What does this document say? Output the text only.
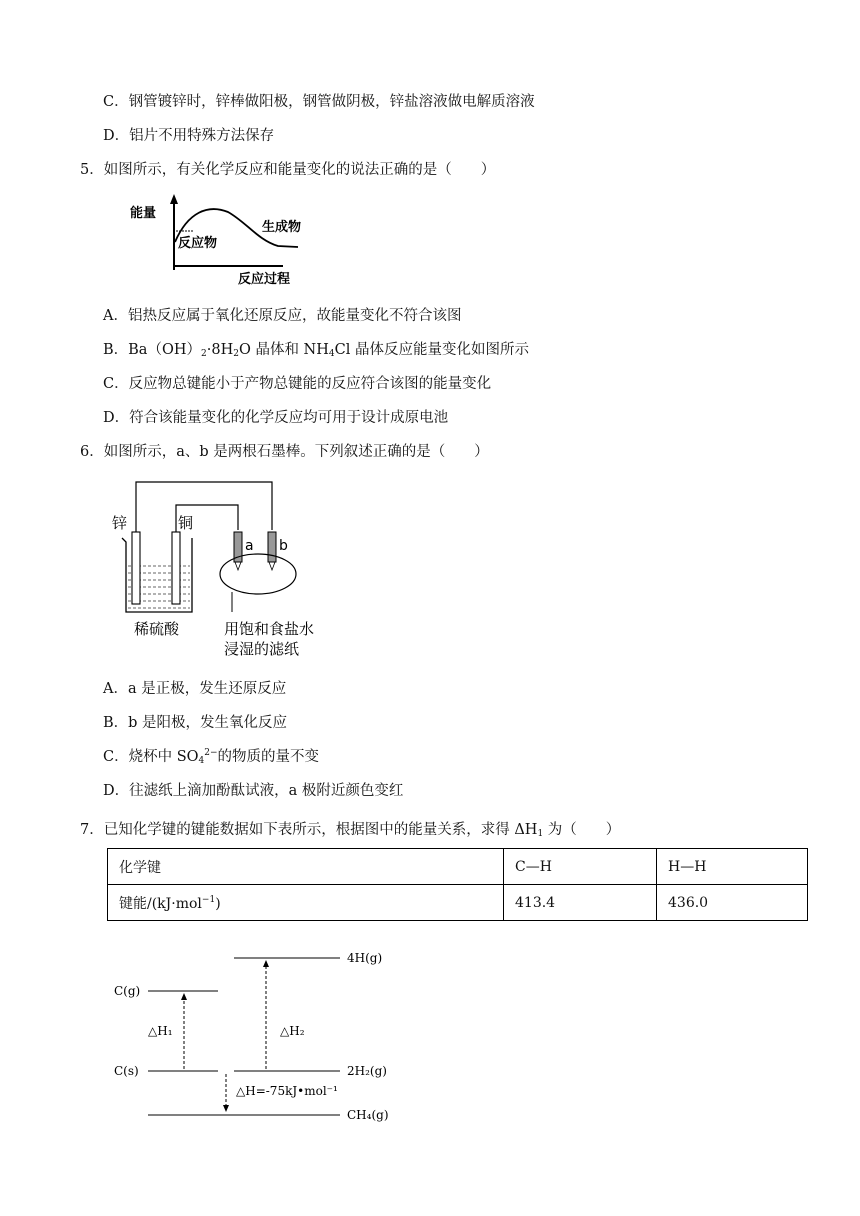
C．钢管镀锌时，锌棒做阳极，钢管做阴极，锌盐溶液做电解质溶液
D．铝片不用特殊方法保存
5．如图所示，有关化学反应和能量变化的说法正确的是（　　）
能量
反应物
生成物
反应过程
A．铝热反应属于氧化还原反应，故能量变化不符合该图
B．$Ba(OH)_2\cdot 8H_2O$ 晶体和 $NH_4Cl$ 晶体反应能量变化如图所示
C．反应物总键能小于产物总键能的反应符合该图的能量变化
D．符合该能量变化的化学反应均可用于设计成原电池
6．如图所示，a、b 是两根石墨棒。下列叙述正确的是（　　）
锌	铜
a b
稀硫酸	用饱和食盐水
浸湿的滤纸
A．a 是正极，发生还原反应
B．b 是阳极，发生氧化反应
C．烧杯中 $SO_4^{2-}$的物质的量不变
D．往滤纸上滴加酚酞试液，a 极附近颜色变红
7．已知化学键的键能数据如下表所示，根据图中的能量关系，求得 $\Delta H_1$ 为（　　）
化学键	C—H	H—H
键能/(kJ·mol$^{-1}$)	413.4	436.0
4H(g)
C(g)
C(s)	2H₂(g)
CH₄(g)
△H₁	△H₂
△H=-75kJ•mol⁻¹
